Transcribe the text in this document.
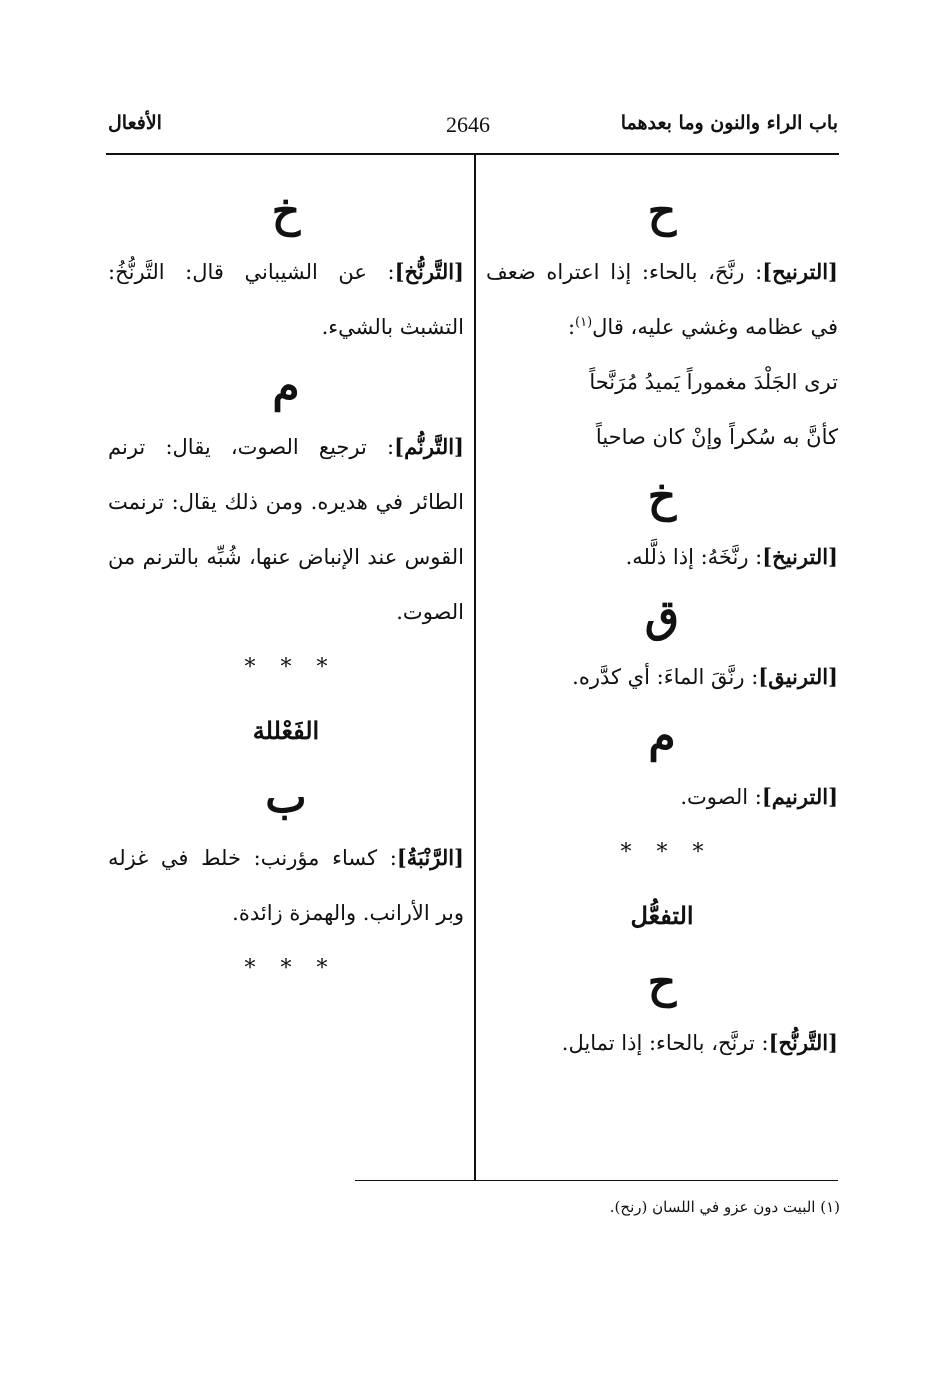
باب الراء والنون وما بعدهما
2646
الأفعال

ح

[الترنيح]: رنَّحَ، بالحاء: إذا اعتراه ضعف في عظامه وغشي عليه، قال$^{(١)}$:

ترى الجَلْدَ مغموراً يَميدُ مُرَنَّحاً

كأنَّ به سُكراً وإنْ كان صاحياً

خ

[الترنيخ]: رنَّخَهُ: إذا ذلَّله.

ق

[الترنيق]: رنَّقَ الماءَ: أي كدَّره.

م

[الترنيم]: الصوت.

* * *

التفعُّل

ح

[التَّرنُّح]: ترنَّح، بالحاء: إذا تمايل.

خ

[التَّرنُّخ]: عن الشيباني قال: التَّرنُّخُ: التشبث بالشيء.

م

[التَّرنُّم]: ترجيع الصوت، يقال: ترنم الطائر في هديره. ومن ذلك يقال: ترنمت القوس عند الإنباض عنها، شُبِّه بالترنم من الصوت.

* * *

الفَعْللة

ب

[الرَّنْبَةُ]: كساء مؤرنب: خلط في غزله وبر الأرانب. والهمزة زائدة.

* * *

(١) البيت دون عزو في اللسان (رنح).
